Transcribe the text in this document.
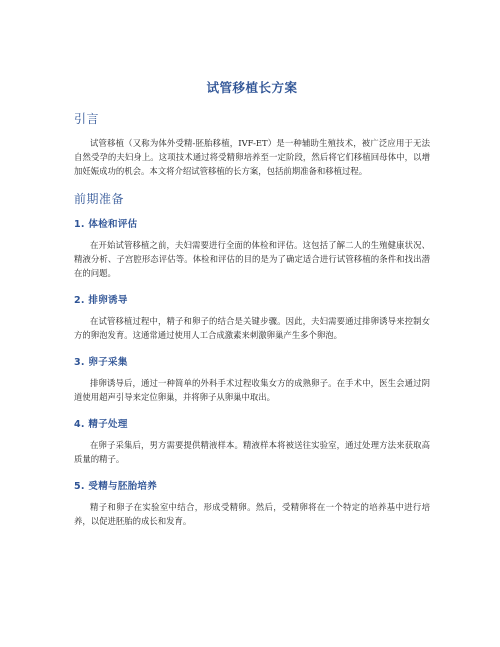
试管移植长方案
引言

试管移植（又称为体外受精-胚胎移植，IVF-ET）是一种辅助生殖技术，被广泛应用于无法自然受孕的夫妇身上。这项技术通过将受精卵培养至一定阶段，然后将它们移植回母体中，以增加妊娠成功的机会。本文将介绍试管移植的长方案，包括前期准备和移植过程。

前期准备
1. 体检和评估

在开始试管移植之前，夫妇需要进行全面的体检和评估。这包括了解二人的生殖健康状况、精液分析、子宫腔形态评估等。体检和评估的目的是为了确定适合进行试管移植的条件和找出潜在的问题。

2. 排卵诱导

在试管移植过程中，精子和卵子的结合是关键步骤。因此，夫妇需要通过排卵诱导来控制女方的卵泡发育。这通常通过使用人工合成激素来刺激卵巢产生多个卵泡。

3. 卵子采集

排卵诱导后，通过一种简单的外科手术过程收集女方的成熟卵子。在手术中，医生会通过阴道使用超声引导来定位卵巢，并将卵子从卵巢中取出。

4. 精子处理

在卵子采集后，男方需要提供精液样本。精液样本将被送往实验室，通过处理方法来获取高质量的精子。

5. 受精与胚胎培养

精子和卵子在实验室中结合，形成受精卵。然后，受精卵将在一个特定的培养基中进行培养，以促进胚胎的成长和发育。
